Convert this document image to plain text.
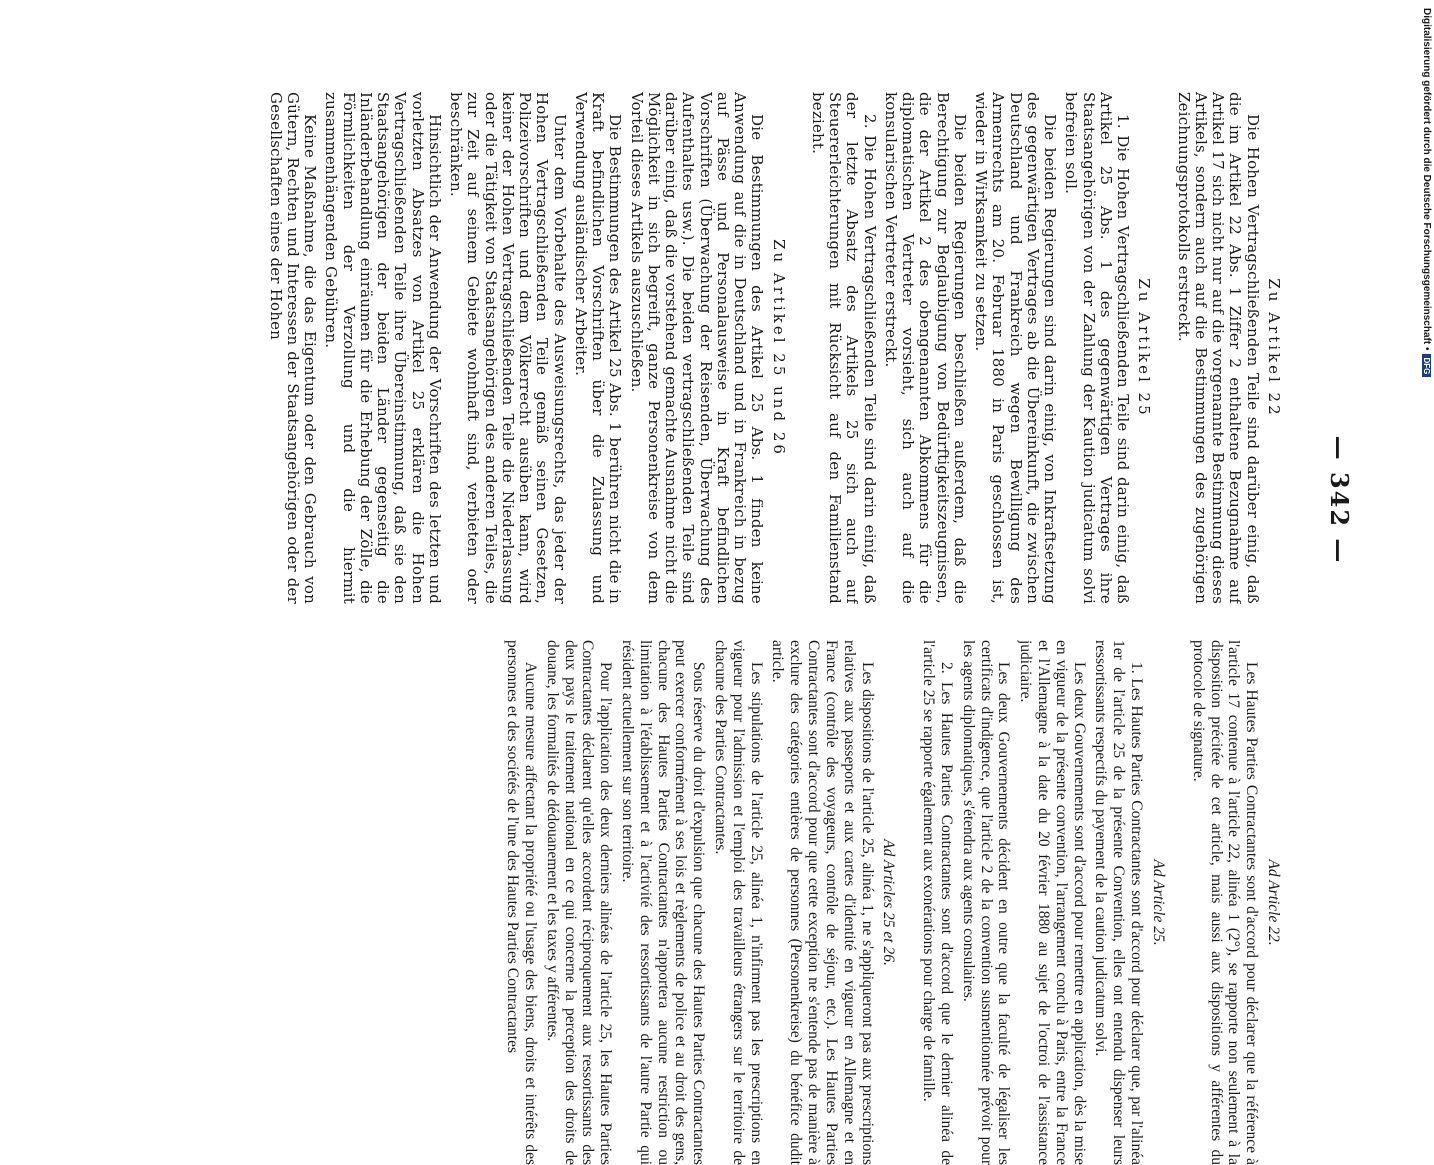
— 342 —
Zu Artikel 22

Die Hohen Vertragschließenden Teile sind darüber einig, daß die im Artikel 22 Abs. 1 Ziffer 2 enthaltene Bezugnahme auf Artikel 17 sich nicht nur auf die vorgenannte Bestimmung dieses Artikels, sondern auch auf die Bestimmungen des zugehörigen Zeichnungsprotokolls erstreckt.

Zu Artikel 25

1. Die Hohen Vertragschließenden Teile sind darin einig, daß Artikel 25 Abs. 1 des gegenwärtigen Vertrages ihre Staatsangehörigen von der Zahlung der Kaution judicatum solvi befreien soll.

Die beiden Regierungen sind darin einig, von Inkraftsetzung des gegenwärtigen Vertrages ab die Übereinkunft, die zwischen Deutschland und Frankreich wegen Bewilligung des Armenrechts am 20. Februar 1880 in Paris geschlossen ist, wieder in Wirksamkeit zu setzen.

Die beiden Regierungen beschließen außerdem, daß die Berechtigung zur Beglaubigung von Bedürftigkeitszeugnissen, die der Artikel 2 des obengenannten Abkommens für die diplomatischen Vertreter vorsieht, sich auch auf die konsularischen Vertreter erstreckt.

2. Die Hohen Vertragschließenden Teile sind darin einig, daß der letzte Absatz des Artikels 25 sich auch auf Steuererleichterungen mit Rücksicht auf den Familienstand bezieht.

Zu Artikel 25 und 26

Die Bestimmungen des Artikel 25 Abs. 1 finden keine Anwendung auf die in Deutschland und in Frankreich in bezug auf Pässe und Personalausweise in Kraft befindlichen Vorschriften (Überwachung der Reisenden, Überwachung des Aufenthaltes usw.). Die beiden vertragschließenden Teile sind darüber einig, daß die vorstehend gemachte Ausnahme nicht die Möglichkeit in sich begreift, ganze Personenkreise von dem Vorteil dieses Artikels auszuschließen.

Die Bestimmungen des Artikel 25 Abs. 1 berühren nicht die in Kraft befindlichen Vorschriften über die Zulassung und Verwendung ausländischer Arbeiter.

Unter dem Vorbehalte des Ausweisungsrechts, das jeder der Hohen Vertragschließenden Teile gemäß seinen Gesetzen, Polizeivorschriften und dem Völkerrecht ausüben kann, wird keiner der Hohen Vertragschließenden Teile die Niederlassung oder die Tätigkeit von Staatsangehörigen des anderen Teiles, die zur Zeit auf seinem Gebiete wohnhaft sind, verbieten oder beschränken.

Hinsichtlich der Anwendung der Vorschriften des letzten und vorletzten Absatzes von Artikel 25 erklären die Hohen Vertragschließenden Teile ihre Übereinstimmung, daß sie den Staatsangehörigen der beiden Länder gegenseitig die Inländerbehandlung einräumen für die Erhebung der Zölle, die Förmlichkeiten der Verzollung und die hiermit zusammenhängenden Gebühren.

Keine Maßnahme, die das Eigentum oder den Gebrauch von Gütern, Rechten und Interessen der Staatsangehörigen oder der Gesellschaften eines der Hohen

Ad Article 22.

Les Hautes Parties Contractantes sont d'accord pour déclarer que la référence à l'article 17 contenue à l'article 22, alinéa 1 (2°), se rapporte non seulement à la disposition précitée de cet article, mais aussi aux dispositions y afférentes du protocole de signature.

Ad Article 25.

1. Les Hautes Parties Contractantes sont d'accord pour déclarer que, par l'alinéa 1er de l'article 25 de la présente Convention, elles ont entendu dispenser leurs ressortissants respectifs du payement de la caution judicatum solvi.

Les deux Gouvernements sont d'accord pour remettre en application, dès la mise en vigueur de la présente convention, l'arrangement conclu à Paris, entre la France et l'Allemagne à la date du 20 février 1880 au sujet de l'octroi de l'assistance judiciaire.

Les deux Gouvernements décident en outre que la faculté de légaliser les certificats d'indigence, que l'article 2 de la convention susmentionnée prévoit pour les agents diplomatiques, s'étendra aux agents consulaires.

2. Les Hautes Parties Contractantes sont d'accord que le dernier alinéa de l'article 25 se rapporte également aux exonérations pour charge de famille.

Ad Articles 25 et 26.

Les dispositions de l'article 25, alinéa 1, ne s'appliqueront pas aux prescriptions relatives aux passeports et aux cartes d'identité en vigueur en Allemagne et en France (contrôle des voyageurs, contrôle de séjour, etc.). Les Hautes Parties Contractantes sont d'accord pour que cette exception ne s'entende pas de manière à exclure des catégories entières de personnes (Personenkreise) du bénéfice dudit article.

Les stipulations de l'article 25, alinéa 1, n'infirment pas les prescriptions en vigueur pour l'admission et l'emploi des travailleurs étrangers sur le territoire de chacune des Parties Contractantes.

Sous réserve du droit d'expulsion que chacune des Hautes Parties Contractantes peut exercer conformément à ses lois et règlements de police et au droit des gens, chacune des Hautes Parties Contractantes n'apportera aucune restriction ou limitation à l'établissement et à l'activité des ressortissants de l'autre Partie qui résident actuellement sur son territoire.

Pour l'application des deux derniers alinéas de l'article 25, les Hautes Parties Contractantes déclarent qu'elles accordent réciproquement aux ressortissants des deux pays le traitement national en ce qui concerne la perception des droits de douane, les formalités de dédouanement et les taxes y afférentes.

Aucune mesure affectant la propriété ou l'usage des biens, droits et intérêts des personnes et des sociétés de l'une des Hautes Parties Contractantes

Digitalisierung gefördert durch die Deutsche Forschungsgemeinschaft •
DFG
